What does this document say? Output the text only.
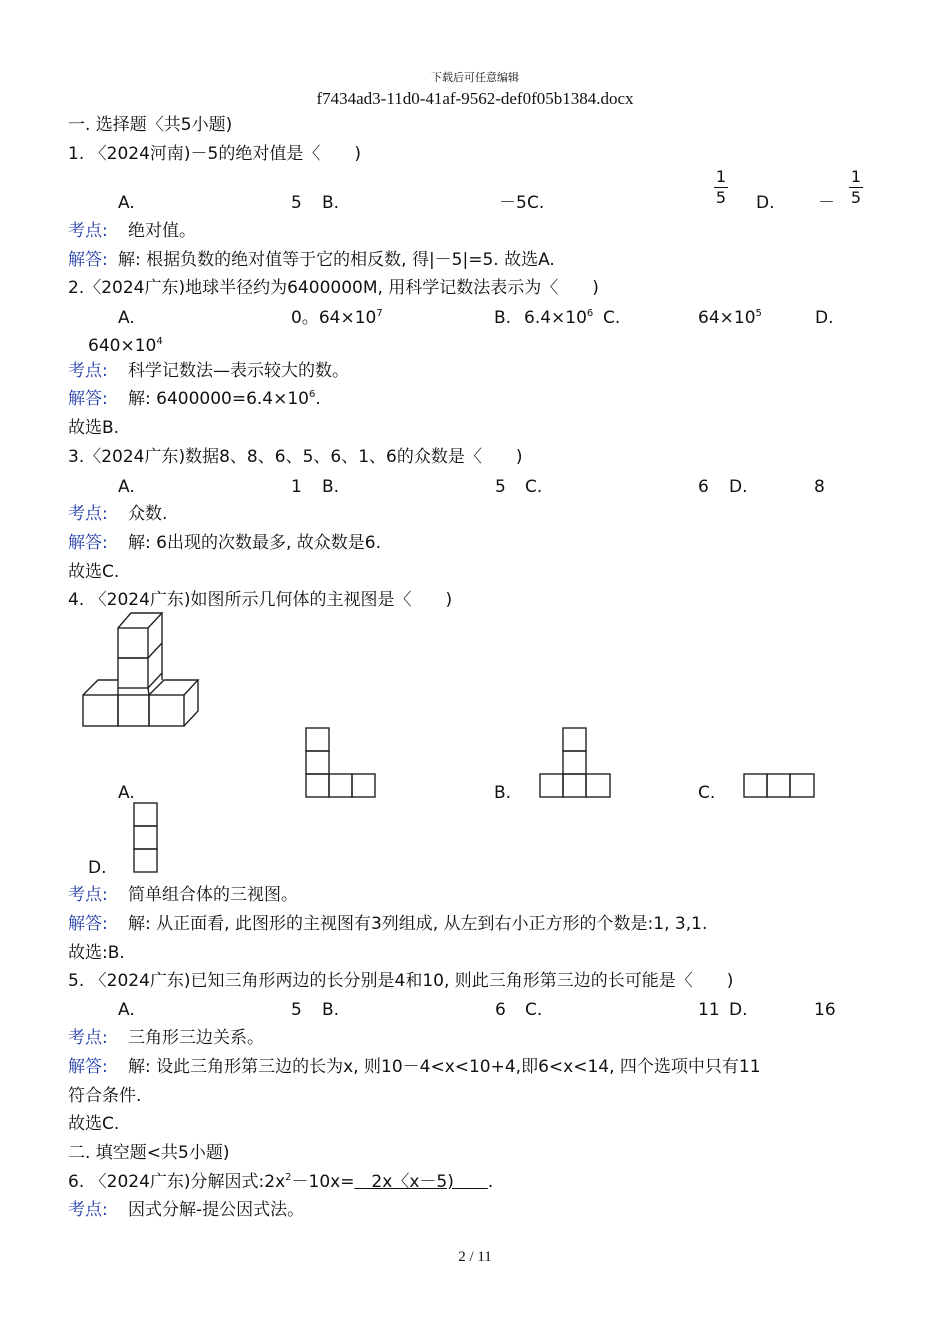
下载后可任意编辑
f7434ad3-11d0-41af-9562-def0f05b1384.docx
一. 选择题〈共5小题)
1. 〈2024河南)－5的绝对值是〈　　)
A.	5 B.	－5 C.
1
5 D.	－
1
5
考点: 绝对值。
解答: 解: 根据负数的绝对值等于它的相反数, 得|－5|=5. 故选A.
2.〈2024广东)地球半径约为6400000M, 用科学记数法表示为〈　　)
A.	0。$64\times 10^7$	B. $6.4\times 10^6$ C.	$64\times 10^5$	D.
$640\times 10^4$
考点: 科学记数法—表示较大的数。
解答: 解: $6400000=6.4\times 10^6$.
故选B.
3.〈2024广东)数据8、8、6、5、6、1、6的众数是〈　　)
A.	1 B.	5 C.	6 D.	8
考点: 众数.
解答: 解: 6出现的次数最多, 故众数是6.
故选C.
4. 〈2024广东)如图所示几何体的主视图是〈　　)
A.	B.	C.
D.
考点: 简单组合体的三视图。
解答: 解: 从正面看, 此图形的主视图有3列组成, 从左到右小正方形的个数是:1, 3,1.
故选:B.
5. 〈2024广东)已知三角形两边的长分别是4和10, 则此三角形第三边的长可能是〈　　)
A.	5 B.	6 C.	11 D.	16
考点: 三角形三边关系。
解答: 解: 设此三角形第三边的长为x, 则10－4<x<10+4,即6<x<14, 四个选项中只有11
符合条件.
故选C.
二. 填空题<共5小题)
6. 〈2024广东)分解因式$:2x^2-10x=$　2x〈x－5)　　.
考点: 因式分解-提公因式法。
2 / 11
